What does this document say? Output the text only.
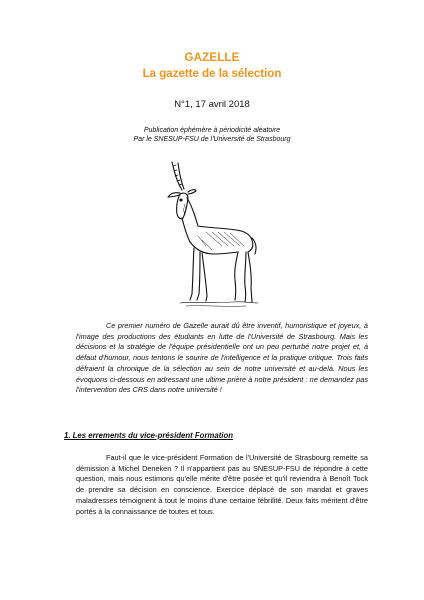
GAZELLE
La gazette de la sélection
N°1, 17 avril 2018
Publication éphémère à périodicité aléatoire
Par le SNESUP-FSU de l'Université de Strasbourg
Ce premier numéro de Gazelle aurait dû être inventif, humoristique et joyeux, à l'image des productions des étudiants en lutte de l'Université de Strasbourg. Mais les décisions et la stratégie de l'équipe présidentielle ont un peu perturbé notre projet et, à défaut d'humour, nous tentons le sourire de l'intelligence et la pratique critique. Trois faits défraient la chronique de la sélection au sein de notre université et au-delà. Nous les évoquons ci-dessous en adressant une ultime prière à notre président : ne demandez pas l'intervention des CRS dans notre université !
1. Les errements du vice-président Formation
Faut-il que le vice-président Formation de l'Université de Strasbourg remette sa démission à Michel Deneken ? Il n'appartient pas au SNESUP-FSU de répondre à cette question, mais nous estimons qu'elle mérite d'être posée et qu'il reviendra à Benoît Tock de prendre sa décision en conscience. Exercice déplacé de son mandat et graves maladresses témoignent à tout le moins d'une certaine fébrilité. Deux faits méritent d'être portés à la connaissance de toutes et tous.
